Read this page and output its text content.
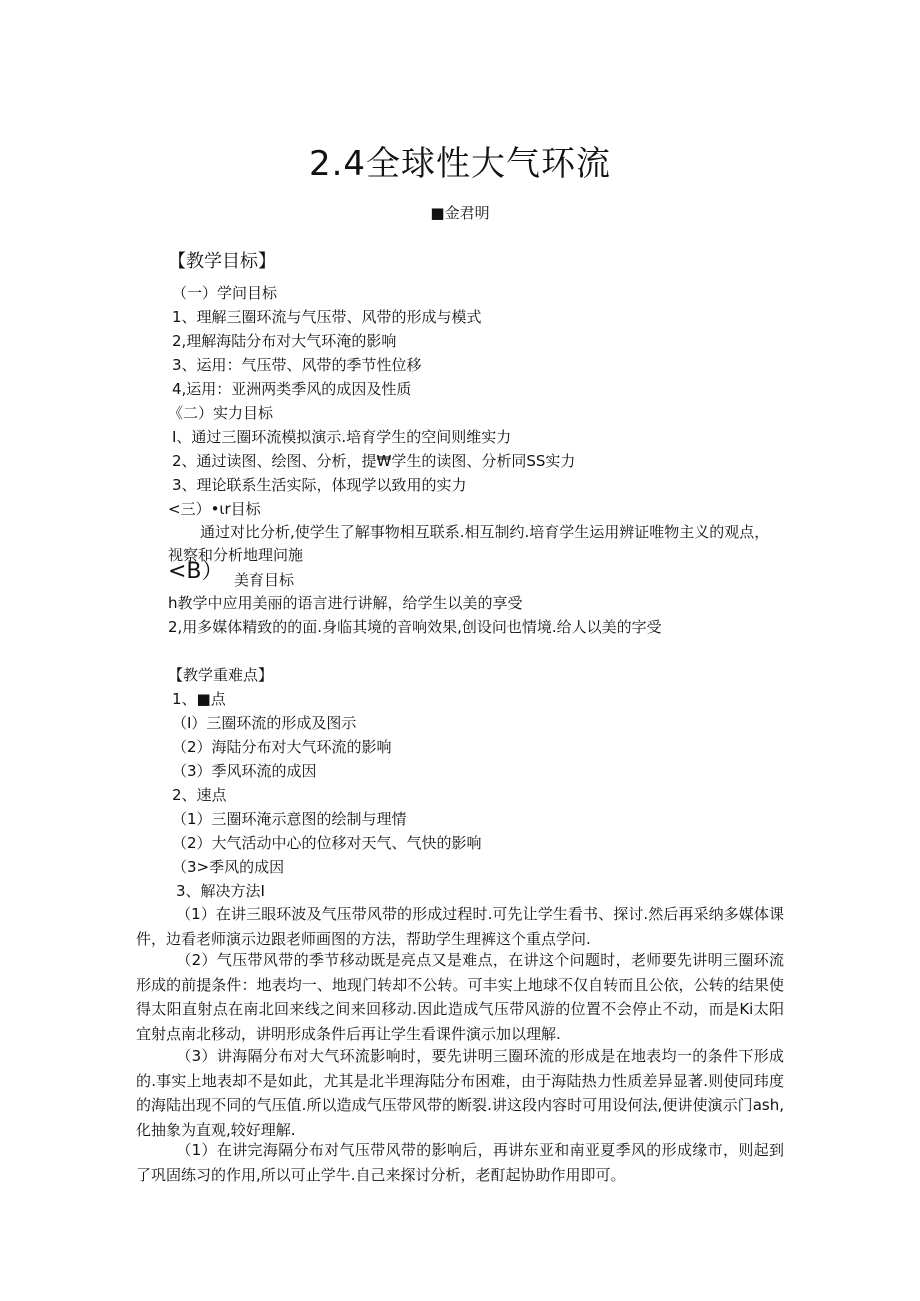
2.4全球性大气环流
■金君明
【教学目标】
（一）学问目标
1、理解三圈环流与气压带、风带的形成与模式
2,理解海陆分布对大气环淹的影响
3、运用：气压带、风带的季节性位移
4,运用：亚洲两类季风的成因及性质
《二）实力目标
I、通过三圈环流模拟演示.培育学生的空间则维实力
2、通过读图、绘图、分析，提₩学生的读图、分析同SS实力
3、理论联系生活实际，体现学以致用的实力
<三）•ιr目标
通过对比分析,使学生了解事物相互联系.相互制约.培育学生运用辨证唯物主义的观点，
视察和分析地理问施
<B） 美育目标
h教学中应用美丽的语言进行讲解，给学生以美的享受
2,用多媒体精致的的面.身临其境的音响效果,创设问也情境.给人以美的字受
【教学重难点】
1、■点
（I）三圈环流的形成及图示
（2）海陆分布对大气环流的影响
（3）季风环流的成因
2、速点
（1）三圈环淹示意图的绘制与理情
（2）大气活动中心的位移对天气、气快的影响
（3>季风的成因
3、解决方法I
（1）在讲三眼环波及气压带风带的形成过程时.可先让学生看书、探讨.然后再采纳多媒体课件，边看老师演示边跟老师画图的方法，帮助学生理裤这个重点学问.
（2）气压带风带的季节移动既是亮点又是难点，在讲这个问题时，老师要先讲明三圈环流形成的前提条件：地表均一、地现门转却不公转。可丰实上地球不仅自转而且公依，公转的结果使得太阳直射点在南北回来线之间来回移动.因此造成气压带风游的位置不会停止不动，而是Ki太阳宜射点南北移动，讲明形成条件后再让学生看课件演示加以理解.
（3）讲海隔分布对大气环流影响时，要先讲明三圈环流的形成是在地表均一的条件下形成的.事实上地表却不是如此，尤其是北半理海陆分布困难，由于海陆热力性质差异显著.则使同玮度的海陆出现不同的气压值.所以造成气压带风带的断裂.讲这段内容时可用设何法,便讲使演示门ash,化抽象为直观,较好理解.
（1）在讲完海隔分布对气压带风带的影响后，再讲东亚和南亚夏季风的形成缘市，则起到了巩固练习的作用,所以可止学牛.自己来探讨分析，老酊起协助作用即可。
